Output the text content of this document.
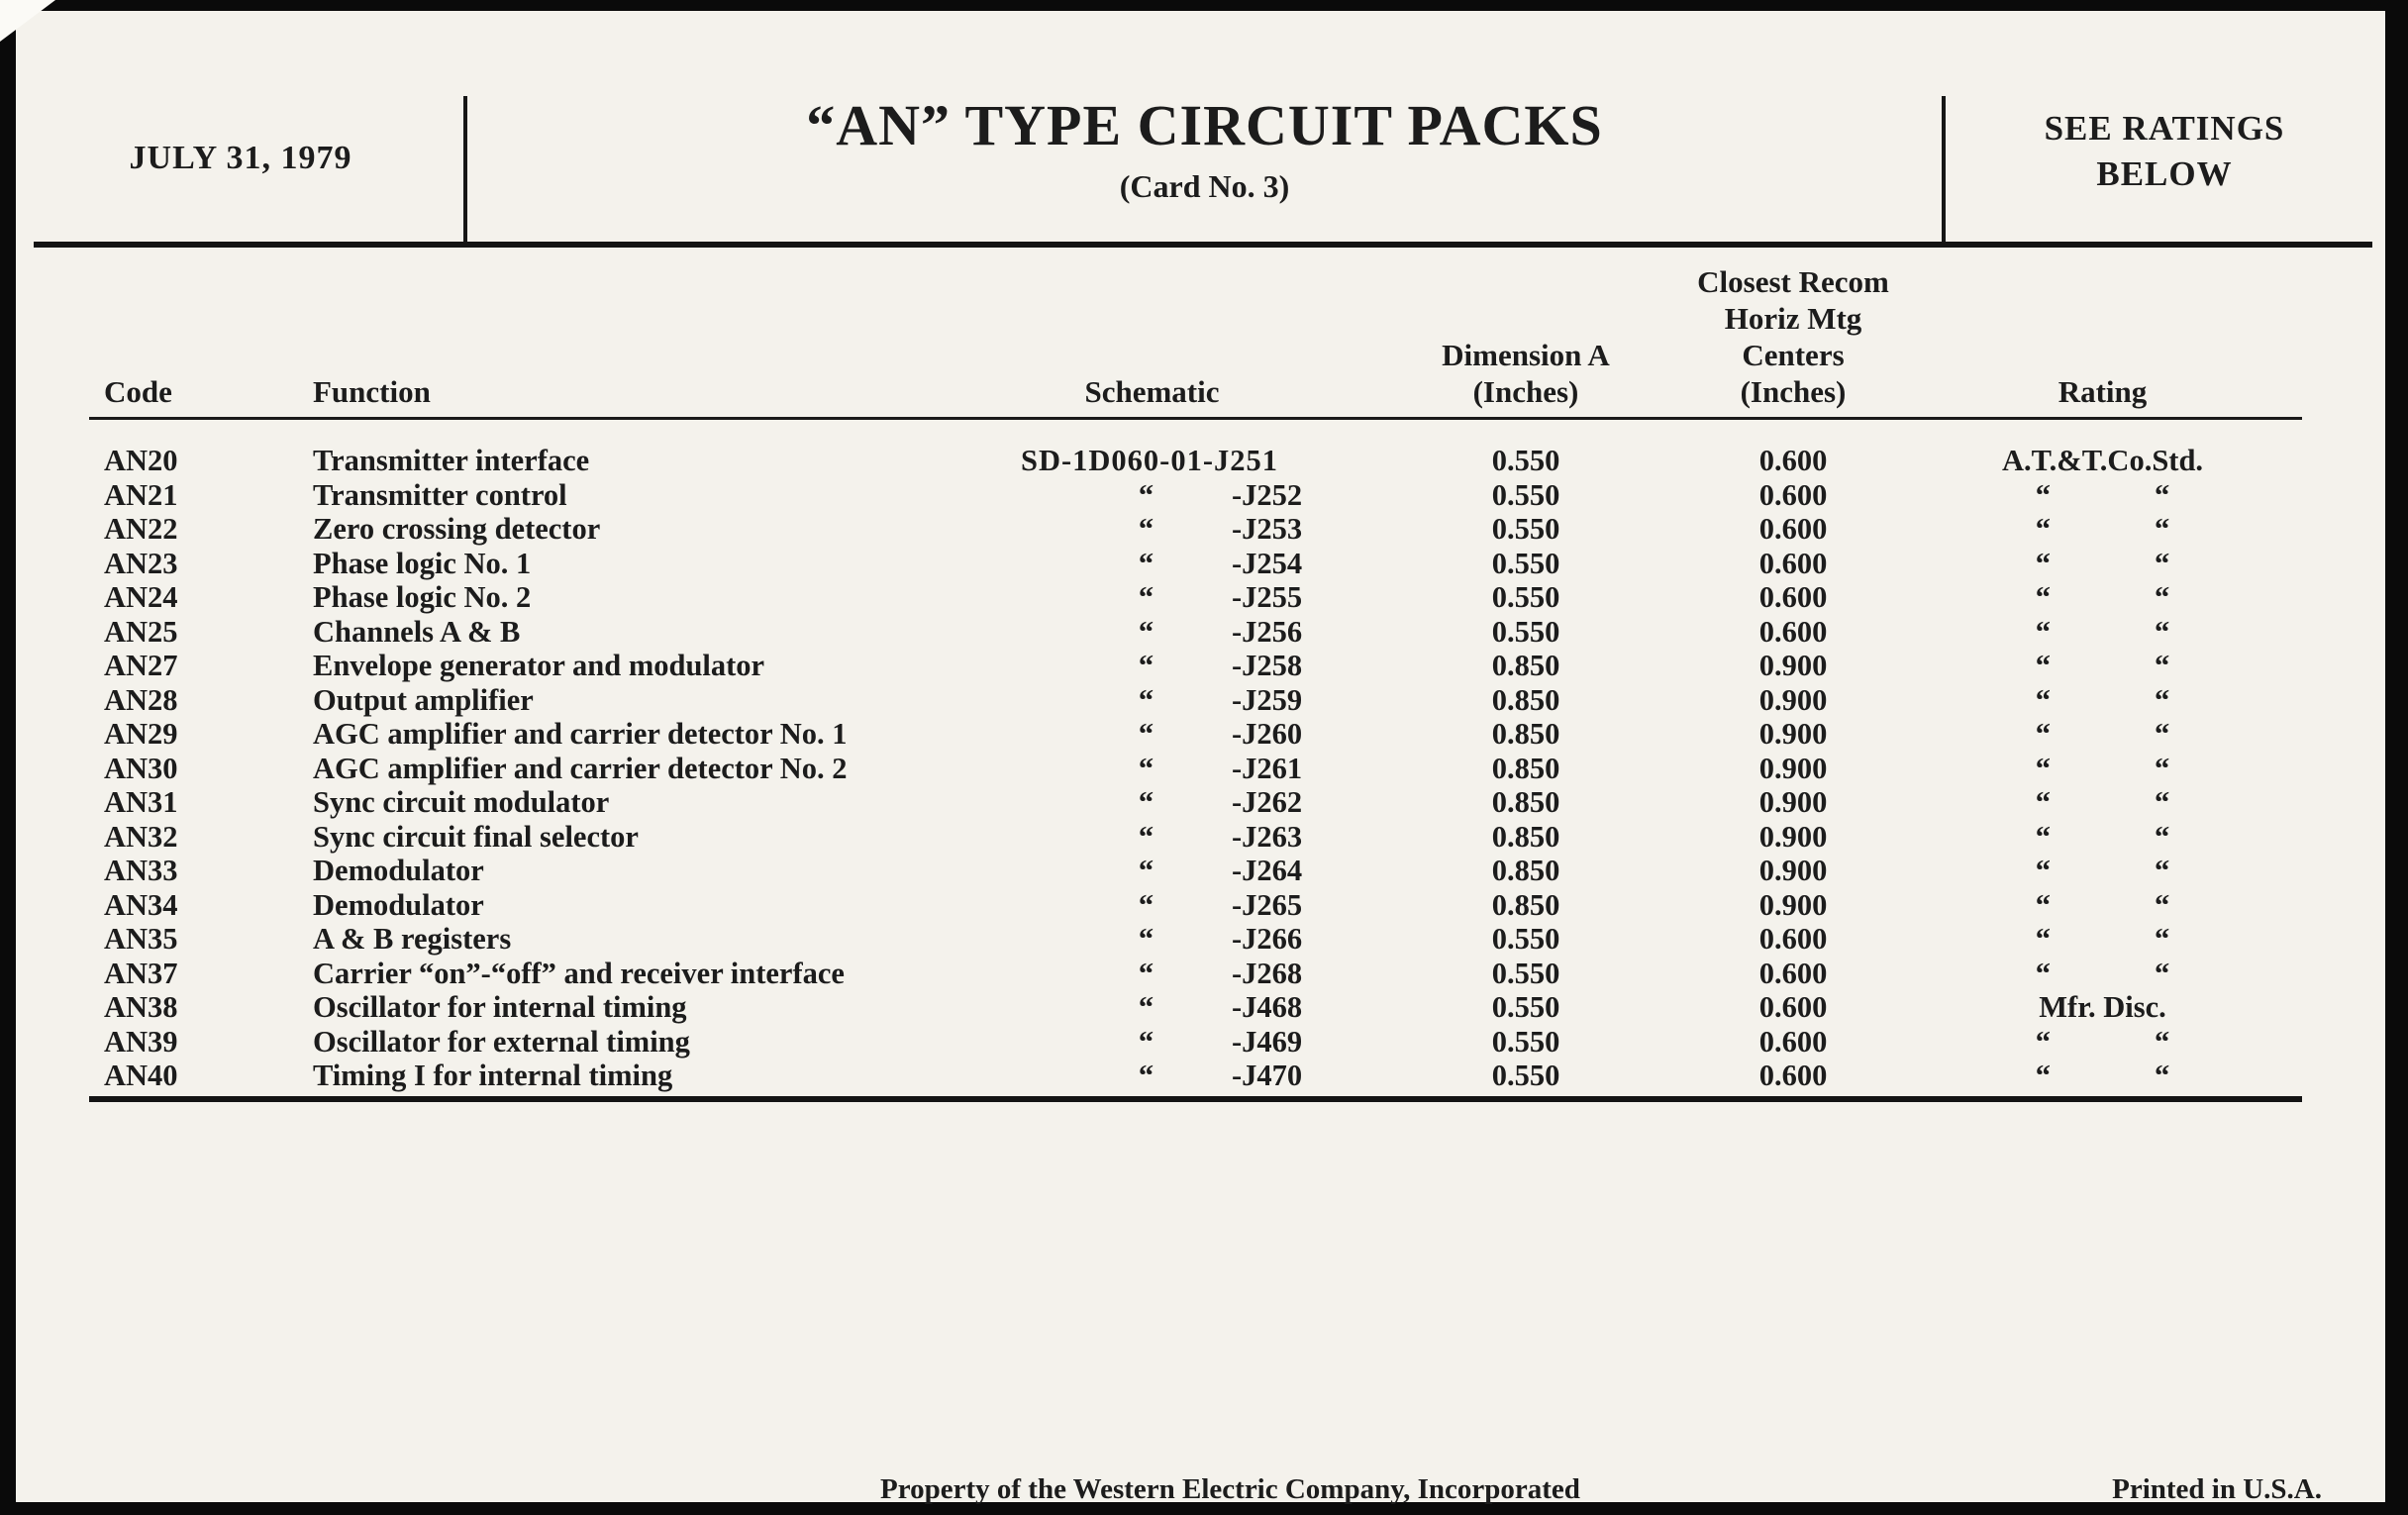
JULY 31, 1979
“AN” TYPE CIRCUIT PACKS
(Card No. 3)
SEE RATINGS
BELOW
Code	Function	Schematic
Dimension A
(Inches)
Closest Recom
Horiz Mtg
Centers
(Inches)	Rating
AN20	Transmitter interface	SD-1D060-01-J251	0.550	0.600	A.T.&T.Co.Std.
AN21	Transmitter control	“	-J252	0.550	0.600	“	“
AN22	Zero crossing detector	“	-J253	0.550	0.600	“	“
AN23	Phase logic No. 1	“	-J254	0.550	0.600	“	“
AN24	Phase logic No. 2	“	-J255	0.550	0.600	“	“
AN25	Channels A & B	“	-J256	0.550	0.600	“	“
AN27	Envelope generator and modulator	“	-J258	0.850	0.900	“	“
AN28	Output amplifier	“	-J259	0.850	0.900	“	“
AN29	AGC amplifier and carrier detector No. 1	“	-J260	0.850	0.900	“	“
AN30	AGC amplifier and carrier detector No. 2	“	-J261	0.850	0.900	“	“
AN31	Sync circuit modulator	“	-J262	0.850	0.900	“	“
AN32	Sync circuit final selector	“	-J263	0.850	0.900	“	“
AN33	Demodulator	“	-J264	0.850	0.900	“	“
AN34	Demodulator	“	-J265	0.850	0.900	“	“
AN35	A & B registers	“	-J266	0.550	0.600	“	“
AN37	Carrier “on”-“off” and receiver interface	“	-J268	0.550	0.600	“	“
AN38	Oscillator for internal timing	“	-J468	0.550	0.600	Mfr. Disc.
AN39	Oscillator for external timing	“	-J469	0.550	0.600	“	“
AN40	Timing I for internal timing	“	-J470	0.550	0.600	“	“
Property of the Western Electric Company, Incorporated	Printed in U.S.A.
